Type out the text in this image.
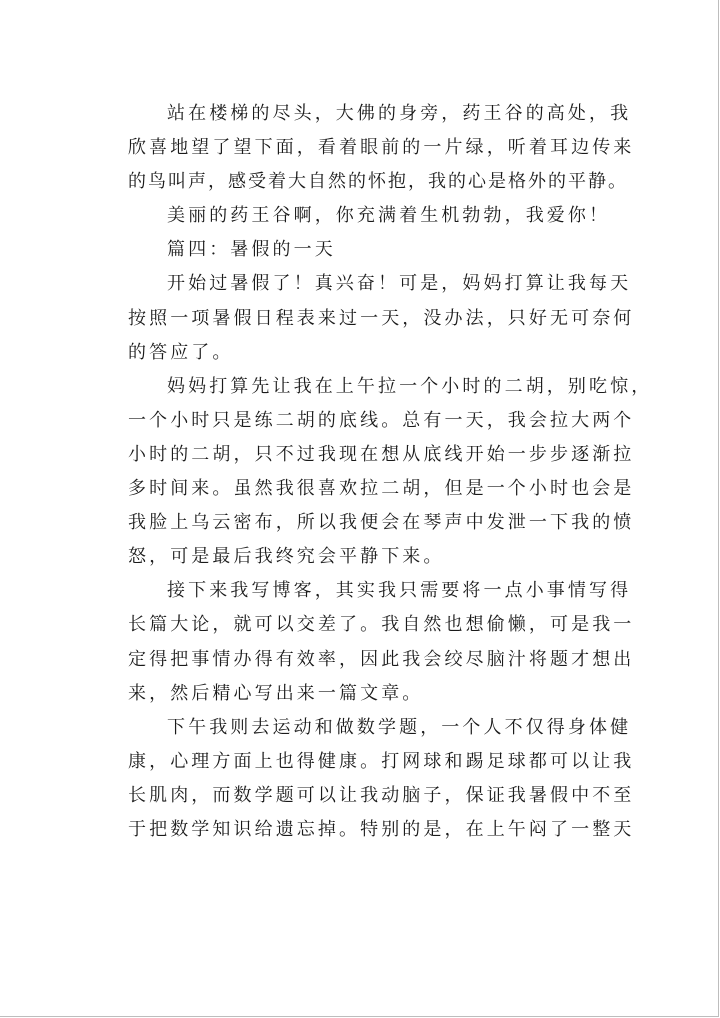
站在楼梯的尽头，大佛的身旁，药王谷的高处，我
欣喜地望了望下面，看着眼前的一片绿，听着耳边传来
的鸟叫声，感受着大自然的怀抱，我的心是格外的平静。
美丽的药王谷啊，你充满着生机勃勃，我爱你！
篇四：暑假的一天
开始过暑假了！真兴奋！可是，妈妈打算让我每天
按照一项暑假日程表来过一天，没办法，只好无可奈何
的答应了。
妈妈打算先让我在上午拉一个小时的二胡，别吃惊，
一个小时只是练二胡的底线。总有一天，我会拉大两个
小时的二胡，只不过我现在想从底线开始一步步逐渐拉
多时间来。虽然我很喜欢拉二胡，但是一个小时也会是
我脸上乌云密布，所以我便会在琴声中发泄一下我的愤
怒，可是最后我终究会平静下来。
接下来我写博客，其实我只需要将一点小事情写得
长篇大论，就可以交差了。我自然也想偷懒，可是我一
定得把事情办得有效率，因此我会绞尽脑汁将题才想出
来，然后精心写出来一篇文章。
下午我则去运动和做数学题，一个人不仅得身体健
康，心理方面上也得健康。打网球和踢足球都可以让我
长肌肉，而数学题可以让我动脑子，保证我暑假中不至
于把数学知识给遗忘掉。特别的是，在上午闷了一整天
